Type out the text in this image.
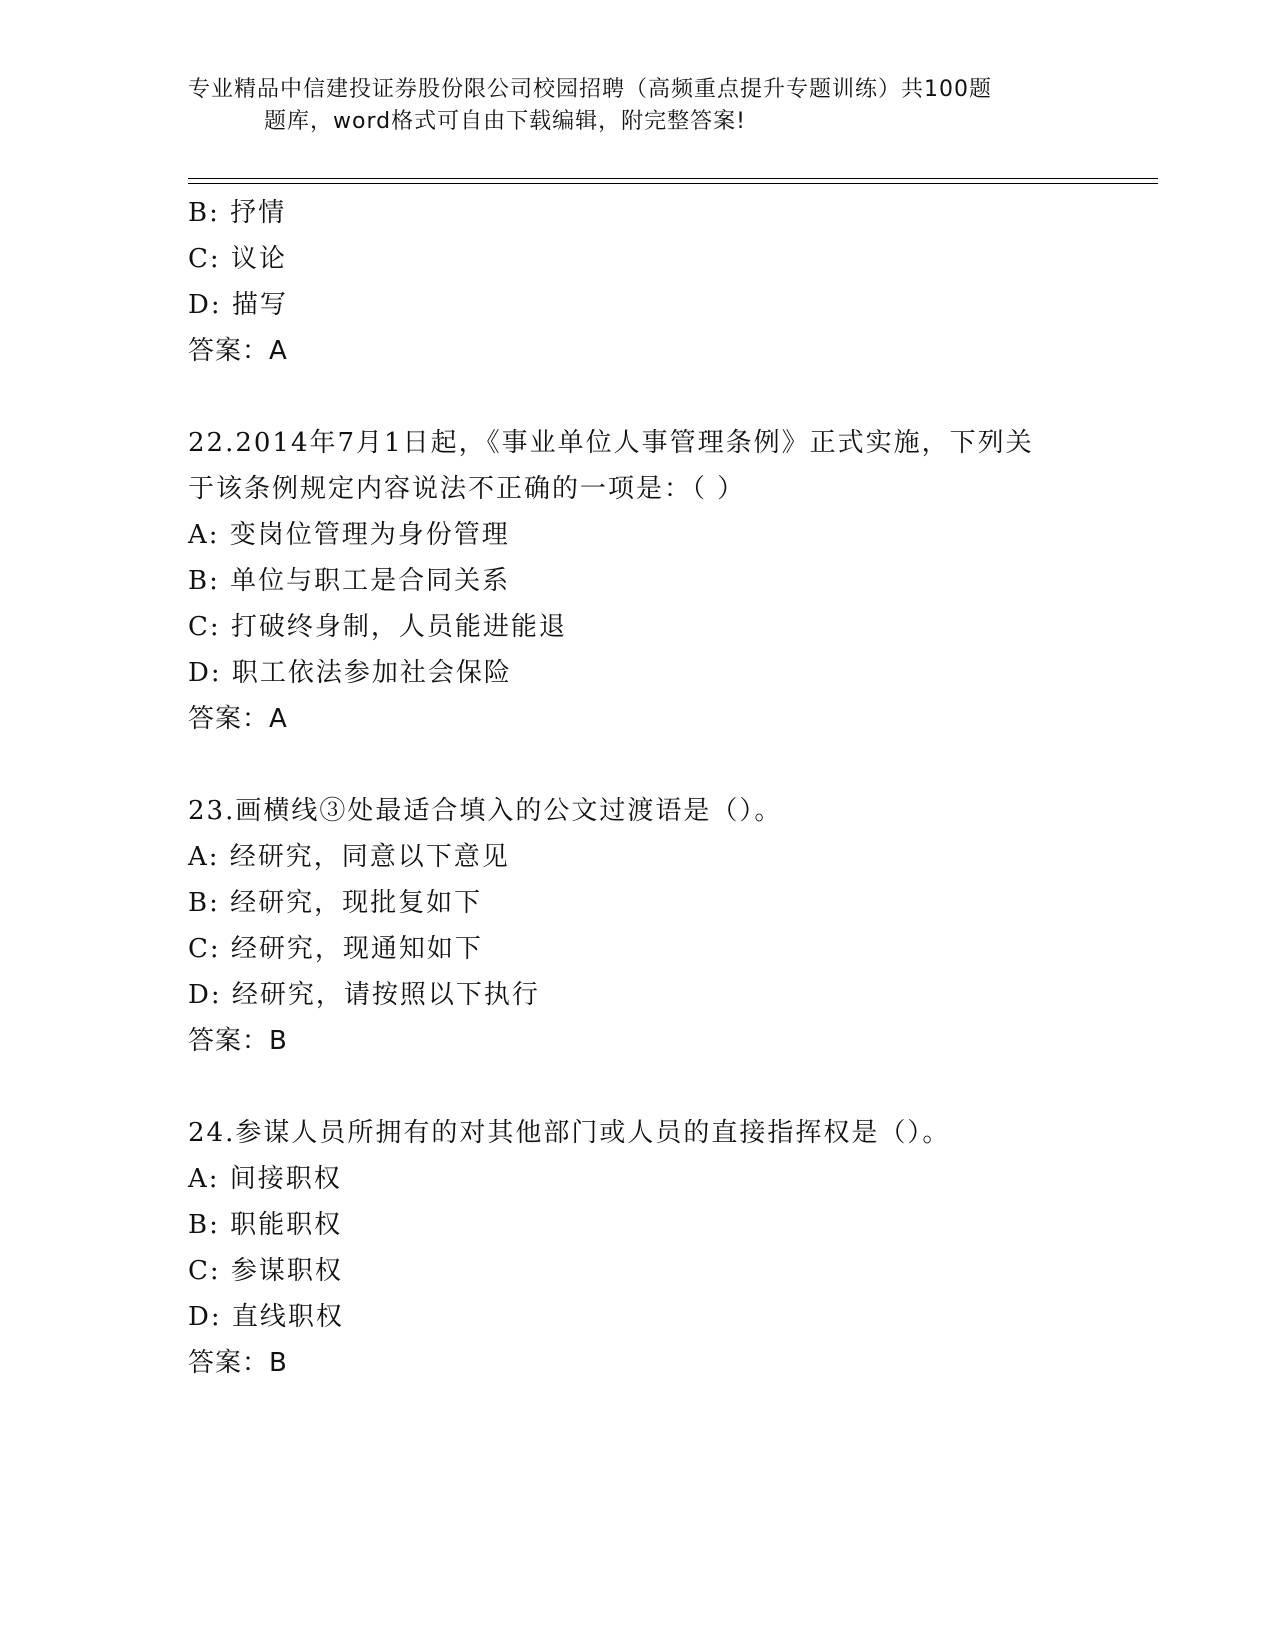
专业精品中信建投证券股份限公司校园招聘（高频重点提升专题训练）共100题
题库，word格式可自由下载编辑，附完整答案!
B: 抒情
C: 议论
D: 描写
答案：A
22.2014年7月1日起，《事业单位人事管理条例》正式实施，下列关
于该条例规定内容说法不正确的一项是：（ ）
A: 变岗位管理为身份管理
B: 单位与职工是合同关系
C: 打破终身制，人员能进能退
D: 职工依法参加社会保险
答案：A
23.画横线③处最适合填入的公文过渡语是（）。
A: 经研究，同意以下意见
B: 经研究，现批复如下
C: 经研究，现通知如下
D: 经研究，请按照以下执行
答案：B
24.参谋人员所拥有的对其他部门或人员的直接指挥权是（）。
A: 间接职权
B: 职能职权
C: 参谋职权
D: 直线职权
答案：B
